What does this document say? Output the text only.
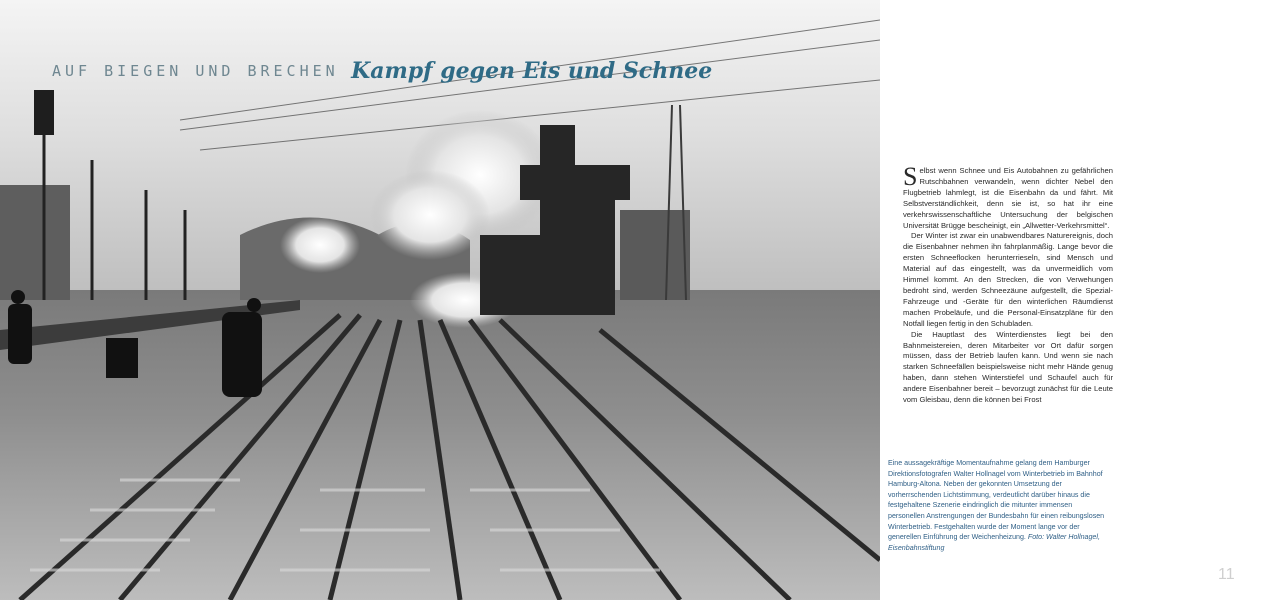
AUF BIEGEN UND BRECHEN Kampf gegen Eis und Schnee

Selbst wenn Schnee und Eis Autobahnen zu gefährlichen Rutschbahnen verwandeln, wenn dichter Nebel den Flugbetrieb lahmlegt, ist die Eisenbahn da und fährt. Mit Selbstverständlichkeit, denn sie ist, so hat ihr eine verkehrswissenschaftliche Untersuchung der belgischen Universität Brügge bescheinigt, ein „Allwetter-Verkehrsmittel“.

Der Winter ist zwar ein unabwendbares Naturereignis, doch die Eisenbahner nehmen ihn fahrplanmäßig. Lange bevor die ersten Schneeflocken herunterrieseln, sind Mensch und Material auf das eingestellt, was da unvermeidlich vom Himmel kommt. An den Strecken, die von Verwehungen bedroht sind, werden Schneezäune aufgestellt, die Spezial-Fahrzeuge und -Geräte für den winterlichen Räumdienst machen Probeläufe, und die Personal-Einsatzpläne für den Notfall liegen fertig in den Schubladen.

Die Hauptlast des Winterdienstes liegt bei den Bahnmeistereien, deren Mitarbeiter vor Ort dafür sorgen müssen, dass der Betrieb laufen kann. Und wenn sie nach starken Schneefällen beispielsweise nicht mehr Hände genug haben, dann stehen Winterstiefel und Schaufel auch für andere Eisenbahner bereit – bevorzugt zunächst für die Leute vom Gleisbau, denn die können bei Frost

Eine aussagekräftige Momentaufnahme gelang dem Hamburger Direktionsfotografen Walter Hollnagel vom Winterbetrieb im Bahnhof Hamburg-Altona. Neben der gekonnten Umsetzung der vorherrschenden Lichtstimmung, verdeutlicht darüber hinaus die festgehaltene Szenerie eindringlich die mitunter immensen personellen Anstrengungen der Bundesbahn für einen reibungslosen Winterbetrieb. Festgehalten wurde der Moment lange vor der generellen Einführung der Weichenheizung. Foto: Walter Hollnagel, Eisenbahnstiftung
11
